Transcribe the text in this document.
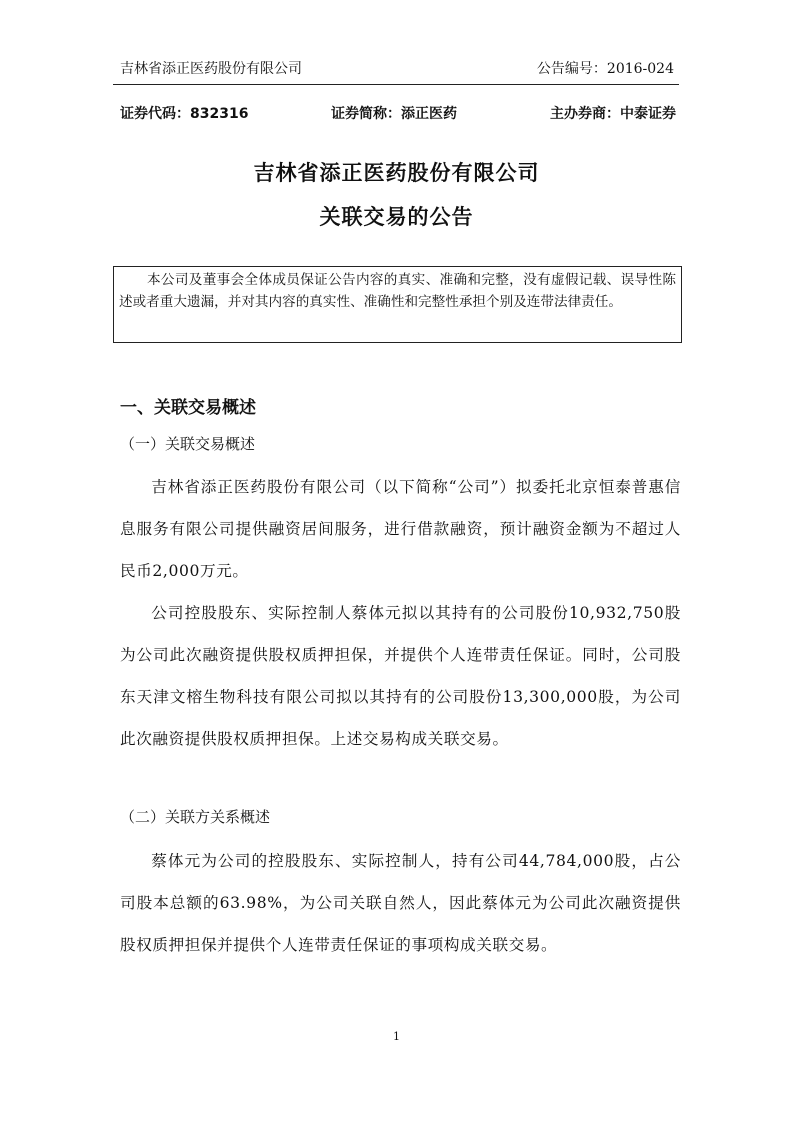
吉林省添正医药股份有限公司	公告编号：2016-024
证券代码：832316	证券简称：添正医药	主办券商：中泰证券
吉林省添正医药股份有限公司
关联交易的公告
本公司及董事会全体成员保证公告内容的真实、准确和完整，没有虚假记载、误导性陈述或者重大遗漏，并对其内容的真实性、准确性和完整性承担个别及连带法律责任。
一、关联交易概述
（一）关联交易概述
吉林省添正医药股份有限公司（以下简称“公司”）拟委托北京恒泰普惠信息服务有限公司提供融资居间服务，进行借款融资，预计融资金额为不超过人民币2,000万元。
公司控股股东、实际控制人蔡体元拟以其持有的公司股份10,932,750股为公司此次融资提供股权质押担保，并提供个人连带责任保证。同时，公司股东天津文榕生物科技有限公司拟以其持有的公司股份13,300,000股，为公司此次融资提供股权质押担保。上述交易构成关联交易。
（二）关联方关系概述
蔡体元为公司的控股股东、实际控制人，持有公司44,784,000股，占公司股本总额的63.98%，为公司关联自然人，因此蔡体元为公司此次融资提供股权质押担保并提供个人连带责任保证的事项构成关联交易。
1
